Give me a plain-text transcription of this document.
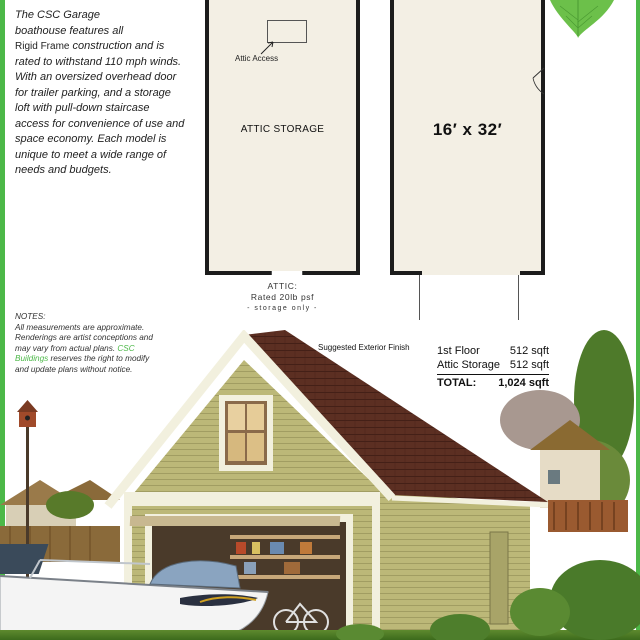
The CSC Garage
boathouse features all
Rigid Frame construction and is rated to withstand 110 mph winds. With an oversized overhead door for trailer parking, and a storage loft with pull-down staircase access for convenience of use and space economy. Each model is unique to meet a wide range of needs and budgets.
NOTES:
All measurements are approximate. Renderings are artist conceptions and may vary from actual plans. CSC Buildings reserves the right to modify and update plans without notice.
Attic Access
ATTIC STORAGE	16′ x 32′
ATTIC:
Rated 20lb psf
- storage only -
Suggested Exterior Finish 1st Floor	512 sqft
Attic Storage 512 sqft
TOTAL: 1,024 sqft
